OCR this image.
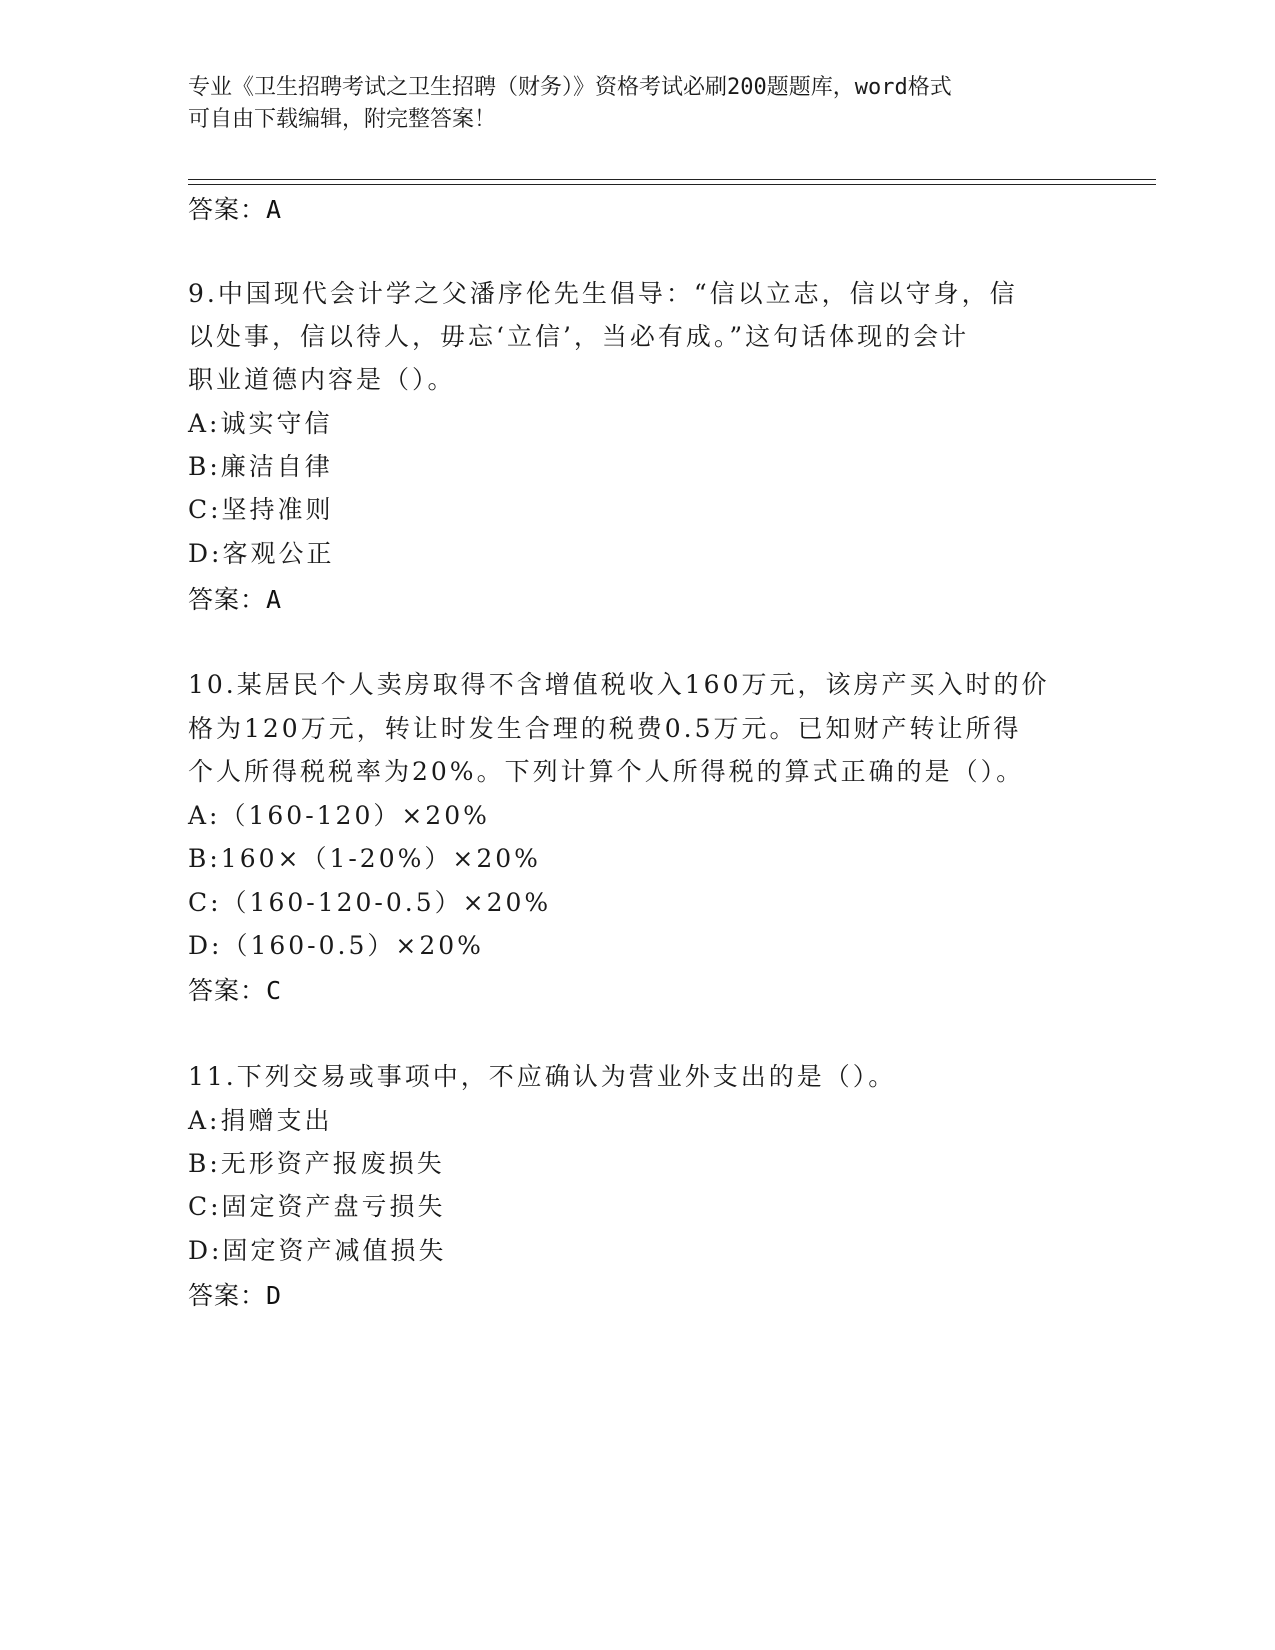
专业《卫生招聘考试之卫生招聘（财务）》资格考试必刷200题题库，word格式
可自由下载编辑，附完整答案！
答案：A
9.中国现代会计学之父潘序伦先生倡导：“信以立志，信以守身，信
以处事，信以待人，毋忘‘立信’，当必有成。”这句话体现的会计
职业道德内容是（）。
A:诚实守信
B:廉洁自律
C:坚持准则
D:客观公正
答案：A
10.某居民个人卖房取得不含增值税收入160万元，该房产买入时的价
格为120万元，转让时发生合理的税费0.5万元。已知财产转让所得
个人所得税税率为20%。下列计算个人所得税的算式正确的是（）。
A:（160-120）×20%
B:160×（1-20%）×20%
C:（160-120-0.5）×20%
D:（160-0.5）×20%
答案：C
11.下列交易或事项中，不应确认为营业外支出的是（）。
A:捐赠支出
B:无形资产报废损失
C:固定资产盘亏损失
D:固定资产减值损失
答案：D
